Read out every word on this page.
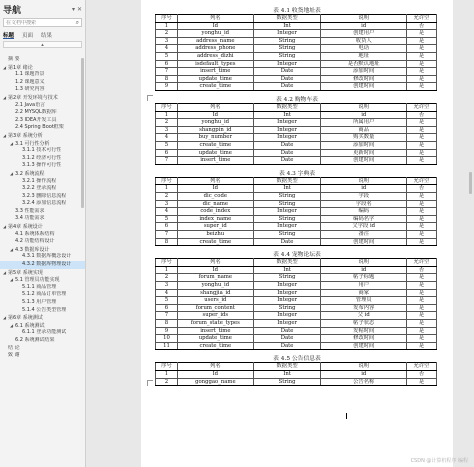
导航	▾ ✕
在文档中搜索
⌕
标题 页面 结果
▴
摘 要
◢ 第1章 绪论
1.1 课题背景
1.2 课题意义
1.3 研究内容
◢ 第2章 开发环境与技术
2.1 Java语言
2.2 MYSQL数据库
2.3 IDEA开发工具
2.4 Spring Boot框架
◢ 第3章 系统分析
◢ 3.1 可行性分析
3.1.1 技术可行性
3.1.2 经济可行性
3.1.3 操作可行性
◢ 3.2 系统流程
3.2.1 操作流程
3.2.2 登录流程
3.2.3 删除信息流程
3.2.4 添加信息流程
3.3 性能需求
3.4 功能需求
◢ 第4章 系统设计
4.1 系统体系结构
4.2 功能结构设计
◢ 4.3 数据库设计
4.3.1 数据库概念设计
4.3.2 数据库物理设计
◢ 第5章 系统实现
◢ 5.1 管理员功能实现
5.1.1 商品管理
5.1.2 商品订单管理
5.1.3 用户管理
5.1.4 公告类型管理
◢ 第6章 系统测试
◢ 6.1 系统测试
6.1.1 登录功能测试
6.2 系统测试结果
结 论
致 谢
表 4.1 收货地址表
序号	列名	数据类型	说明	允许空
1	Id	Int	id	否
2	yonghu_id	Integer	创建用户	是
3	address_name	String	收货人	是
4	address_phone	String	电话	是
5	address_dizhi	String	地址	是
6	isdefault_types	Integer	是否默认地址	是
7	insert_time	Date	添加时间	是
8	update_time	Date	修改时间	是
9	create_time	Date	创建时间	是
表 4.2 购物车表
序号	列名	数据类型	说明	允许空
1	Id	Int	id	否
2	yonghu_id	Integer	所属用户	是
3	shangpin_id	Integer	商品	是
4	buy_number	Integer	购买数量	是
5	create_time	Date	添加时间	是
6	update_time	Date	更新时间	是
7	insert_time	Date	创建时间	是
表 4.3 字典表
序号	列名	数据类型	说明	允许空
1	Id	Int	id	否
2	dic_code	String	字段	是
3	dic_name	String	字段名	是
4	code_index	Integer	编码	是
5	index_name	String	编码名字	是
6	super_id	Integer	父字段 id	是
7	beizhu	String	备注	是
8	create_time	Date	创建时间	是
表 4.4 宠物论坛表
序号	列名	数据类型	说明	允许空
1	Id	Int	id	否
2	forum_name	String	帖子标题	是
3	yonghu_id	Integer	用户	是
4	shangjia_id	Integer	商家	是
5	users_id	Integer	管理员	是
6	forum_content	String	发布内容	是
7	super_ids	Integer	父 id	是
8	forum_state_types	Integer	帖子状态	是
9	insert_time	Date	发帖时间	是
10	update_time	Date	修改时间	是
11	create_time	Date	创建时间	是
表 4.5 公告信息表
序号	列名	数据类型	说明	允许空
1	Id	Int	id	否
2	gonggao_name	String	公告名称	是
CSDN @计算机程序 编程
